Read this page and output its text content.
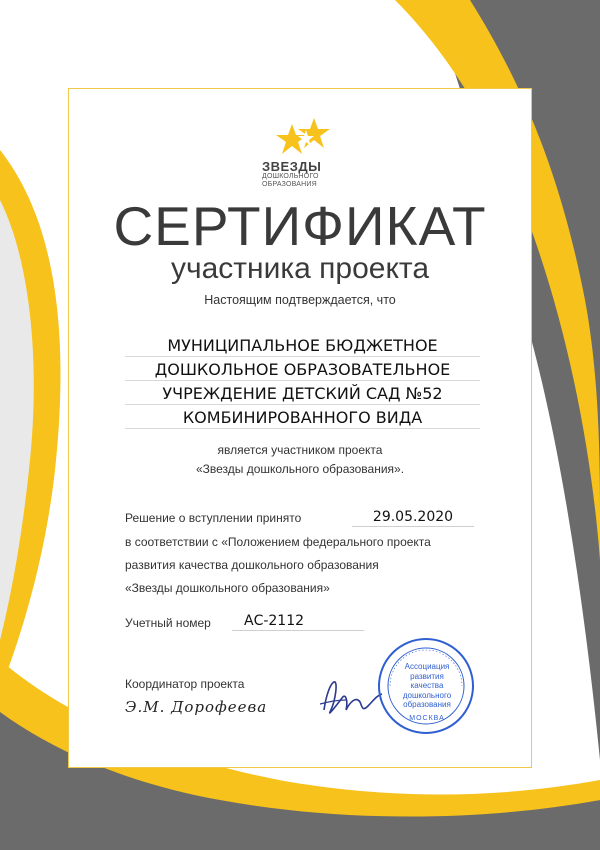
ЗВЕЗДЫ
ДОШКОЛЬНОГО
ОБРАЗОВАНИЯ
СЕРТИФИКАТ
участника проекта
Настоящим подтверждается, что
МУНИЦИПАЛЬНОЕ БЮДЖЕТНОЕ
ДОШКОЛЬНОЕ ОБРАЗОВАТЕЛЬНОЕ
УЧРЕЖДЕНИЕ ДЕТСКИЙ САД №52
КОМБИНИРОВАННОГО ВИДА
является участником проекта
«Звезды дошкольного образования».
Решение о вступлении принято	29.05.2020
в соответствии с «Положением федерального проекта
развития качества дошкольного образования
«Звезды дошкольного образования»
Учетный номер	АС-2112
Координатор проекта
Э.М. Дорофеева
Ассоциация
развития
качества
дошкольного
образования
МОСКВА
